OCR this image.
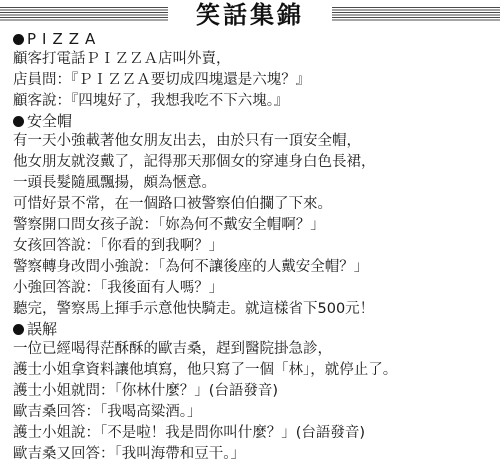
笑話集錦
PIZZA
顧客打電話ＰＩＺＺＡ店叫外賣，
店員問：『ＰＩＺＺＡ要切成四塊還是六塊？』
顧客說：『四塊好了，我想我吃不下六塊。』
安全帽
有一天小強載著他女朋友出去，由於只有一頂安全帽，
他女朋友就沒戴了，記得那天那個女的穿連身白色長裙，
一頭長髮隨風飄揚，頗為愜意。
可惜好景不常，在一個路口被警察伯伯攔了下來。
警察開口問女孩子說：「妳為何不戴安全帽啊？」
女孩回答說：「你看的到我啊？」
警察轉身改問小強說：「為何不讓後座的人戴安全帽？」
小強回答說：「我後面有人嗎？」
聽完，警察馬上揮手示意他快騎走。就這樣省下500元！
誤解
一位已經喝得茫酥酥的歐吉桑，趕到醫院掛急診，
護士小姐拿資料讓他填寫，他只寫了一個「林」，就停止了。
護士小姐就問：「你林什麼？」(台語發音)
歐吉桑回答：「我喝高粱酒。」
護士小姐說：「不是啦！我是問你叫什麼？」(台語發音)
歐吉桑又回答：「我叫海帶和豆干。」
